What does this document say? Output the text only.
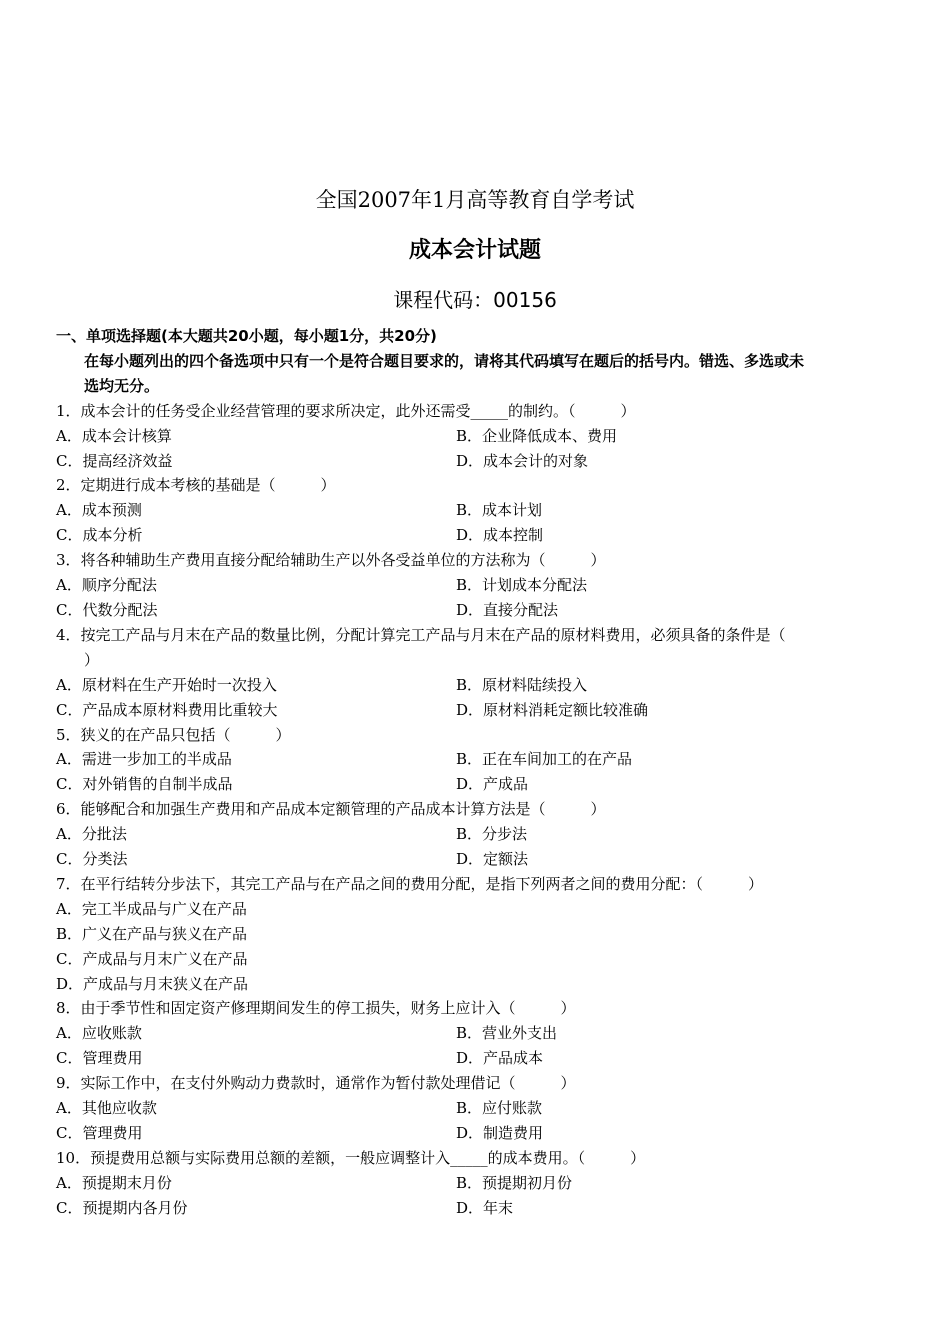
全国2007年1月高等教育自学考试
成本会计试题
课程代码：00156
一、单项选择题(本大题共20小题，每小题1分，共20分)
在每小题列出的四个备选项中只有一个是符合题目要求的，请将其代码填写在题后的括号内。错选、多选或未
选均无分。
1．成本会计的任务受企业经营管理的要求所决定，此外还需受_____的制约。（　　　）
A．成本会计核算	B．企业降低成本、费用
C．提高经济效益	D．成本会计的对象
2．定期进行成本考核的基础是（　　　）
A．成本预测	B．成本计划
C．成本分析	D．成本控制
3．将各种辅助生产费用直接分配给辅助生产以外各受益单位的方法称为（　　　）
A．顺序分配法	B．计划成本分配法
C．代数分配法	D．直接分配法
4．按完工产品与月末在产品的数量比例，分配计算完工产品与月末在产品的原材料费用，必须具备的条件是（
）
A．原材料在生产开始时一次投入	B．原材料陆续投入
C．产品成本原材料费用比重较大	D．原材料消耗定额比较准确
5．狭义的在产品只包括（　　　）
A．需进一步加工的半成品	B．正在车间加工的在产品
C．对外销售的自制半成品	D．产成品
6．能够配合和加强生产费用和产品成本定额管理的产品成本计算方法是（　　　）
A．分批法	B．分步法
C．分类法	D．定额法
7．在平行结转分步法下，其完工产品与在产品之间的费用分配，是指下列两者之间的费用分配：（　　　）
A．完工半成品与广义在产品
B．广义在产品与狭义在产品
C．产成品与月末广义在产品
D．产成品与月末狭义在产品
8．由于季节性和固定资产修理期间发生的停工损失，财务上应计入（　　　）
A．应收账款	B．营业外支出
C．管理费用	D．产品成本
9．实际工作中，在支付外购动力费款时，通常作为暂付款处理借记（　　　）
A．其他应收款	B．应付账款
C．管理费用	D．制造费用
10．预提费用总额与实际费用总额的差额，一般应调整计入_____的成本费用。（　　　）
A．预提期末月份	B．预提期初月份
C．预提期内各月份	D．年末
